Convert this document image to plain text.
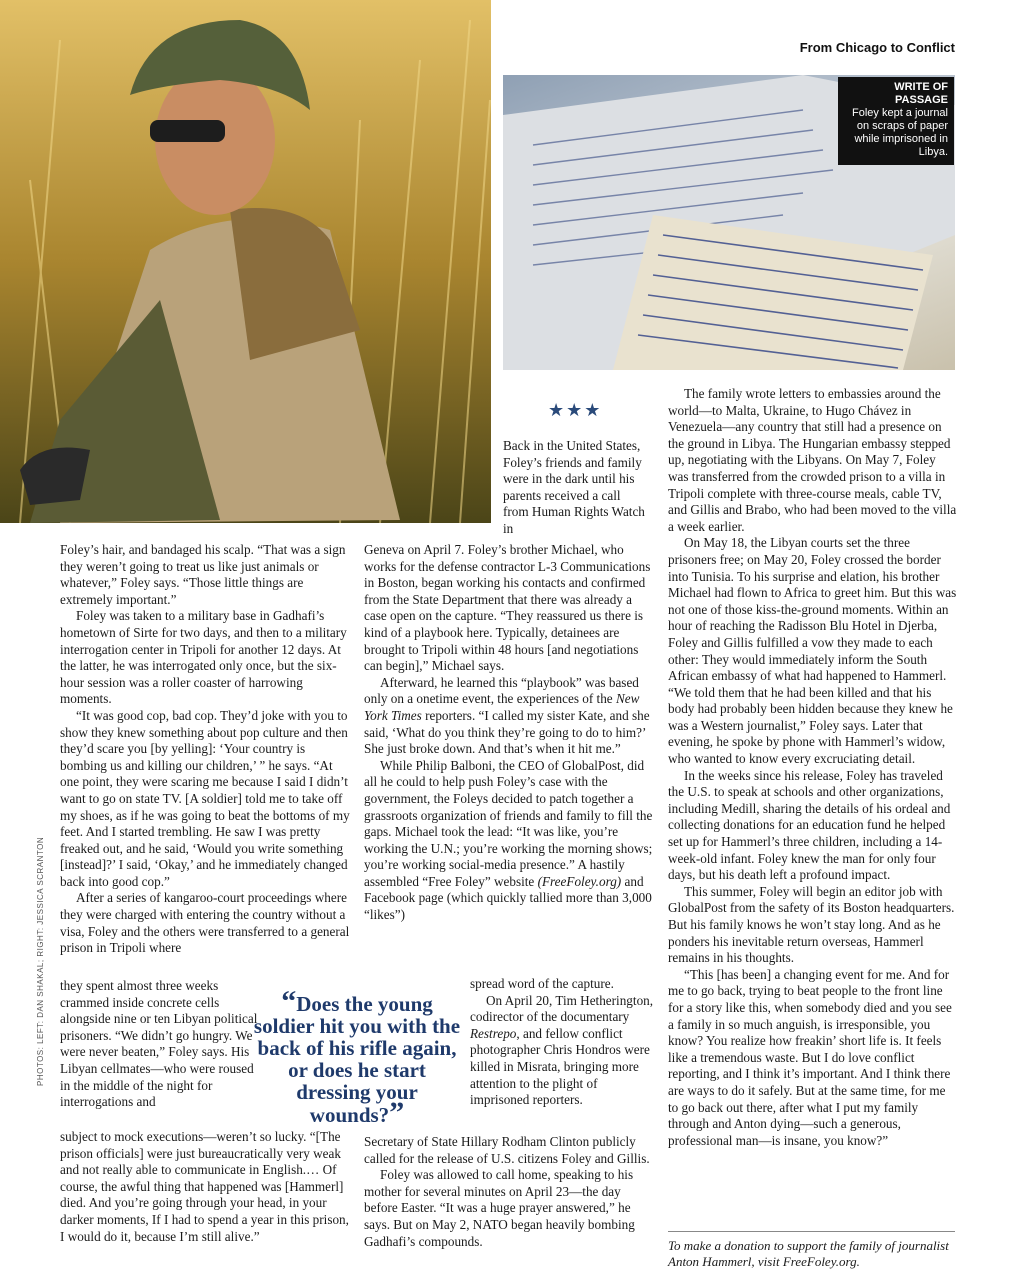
From Chicago to Conflict
WRITE OF PASSAGE
Foley kept a journal on scraps of paper while imprisoned in Libya.
★★★

Back in the United States, Foley’s friends and family were in the dark until his parents received a call from Human Rights Watch in

Foley’s hair, and bandaged his scalp. “That was a sign they weren’t going to treat us like just animals or whatever,” Foley says. “Those little things are extremely important.”

Foley was taken to a military base in Gadhafi’s hometown of Sirte for two days, and then to a military interrogation center in Tripoli for another 12 days. At the latter, he was interrogated only once, but the six-hour session was a roller coaster of harrowing moments.

“It was good cop, bad cop. They’d joke with you to show they knew something about pop culture and then they’d scare you [by yelling]: ‘Your country is bombing us and killing our children,’ ” he says. “At one point, they were scaring me because I said I didn’t want to go on state TV. [A soldier] told me to take off my shoes, as if he was going to beat the bottoms of my feet. And I started trembling. He saw I was pretty freaked out, and he said, ‘Would you write something [instead]?’ I said, ‘Okay,’ and he immediately changed back into good cop.”

After a series of kangaroo-court proceedings where they were charged with entering the country without a visa, Foley and the others were transferred to a general prison in Tripoli where

they spent almost three weeks crammed inside concrete cells alongside nine or ten Libyan political prisoners. “We didn’t go hungry. We were never beaten,” Foley says. His Libyan cellmates—who were roused in the middle of the night for interrogations and

subject to mock executions—weren’t so lucky. “[The prison officials] were just bureaucratically very weak and not really able to communicate in English.… Of course, the awful thing that happened was [Hammerl] died. And you’re going through your head, in your darker moments, If I had to spend a year in this prison, I would do it, because I’m still alive.”

“Does the young soldier hit you with the back of his rifle again, or does he start dressing your wounds?”

Geneva on April 7. Foley’s brother Michael, who works for the defense contractor L-3 Communications in Boston, began working his contacts and confirmed from the State Department that there was already a case open on the capture. “They reassured us there is kind of a playbook here. Typically, detainees are brought to Tripoli within 48 hours [and negotiations can begin],” Michael says.

Afterward, he learned this “playbook” was based only on a onetime event, the experiences of the New York Times reporters. “I called my sister Kate, and she said, ‘What do you think they’re going to do to him?’ She just broke down. And that’s when it hit me.”

While Philip Balboni, the CEO of GlobalPost, did all he could to help push Foley’s case with the government, the Foleys decided to patch together a grassroots organization of friends and family to fill the gaps. Michael took the lead: “It was like, you’re working the U.N.; you’re working the morning shows; you’re working social-media presence.” A hastily assembled “Free Foley” website (FreeFoley.org) and Facebook page (which quickly tallied more than 3,000 “likes”)

spread word of the capture.

On April 20, Tim Hetherington, codirector of the documentary Restrepo, and fellow conflict photographer Chris Hondros were killed in Misrata, bringing more attention to the plight of imprisoned reporters.

Secretary of State Hillary Rodham Clinton publicly called for the release of U.S. citizens Foley and Gillis.

Foley was allowed to call home, speaking to his mother for several minutes on April 23—the day before Easter. “It was a huge prayer answered,” he says. But on May 2, NATO began heavily bombing Gadhafi’s compounds.

The family wrote letters to embassies around the world—to Malta, Ukraine, to Hugo Chávez in Venezuela—any country that still had a presence on the ground in Libya. The Hungarian embassy stepped up, negotiating with the Libyans. On May 7, Foley was transferred from the crowded prison to a villa in Tripoli complete with three-course meals, cable TV, and Gillis and Brabo, who had been moved to the villa a week earlier.

On May 18, the Libyan courts set the three prisoners free; on May 20, Foley crossed the border into Tunisia. To his surprise and elation, his brother Michael had flown to Africa to greet him. But this was not one of those kiss-the-ground moments. Within an hour of reaching the Radisson Blu Hotel in Djerba, Foley and Gillis fulfilled a vow they made to each other: They would immediately inform the South African embassy of what had happened to Hammerl. “We told them that he had been killed and that his body had probably been hidden because they knew he was a Western journalist,” Foley says. Later that evening, he spoke by phone with Hammerl’s widow, who wanted to know every excruciating detail.

In the weeks since his release, Foley has traveled the U.S. to speak at schools and other organizations, including Medill, sharing the details of his ordeal and collecting donations for an education fund he helped set up for Hammerl’s three children, including a 14-week-old infant. Foley knew the man for only four days, but his death left a profound impact.

This summer, Foley will begin an editor job with GlobalPost from the safety of its Boston headquarters. But his family knows he won’t stay long. And as he ponders his inevitable return overseas, Hammerl remains in his thoughts.

“This [has been] a changing event for me. And for me to go back, trying to beat people to the front line for a story like this, when somebody died and you see a family in so much anguish, is irresponsible, you know? You realize how freakin’ short life is. It feels like a tremendous waste. But I do love conflict reporting, and I think it’s important. And I think there are ways to do it safely. But at the same time, for me to go back out there, after what I put my family through and Anton dying—such a generous, professional man—is insane, you know?”

To make a donation to support the family of journalist Anton Hammerl, visit FreeFoley.org.
PHOTOS: LEFT: DAN SHAKAL; RIGHT: JESSICA SCRANTON
